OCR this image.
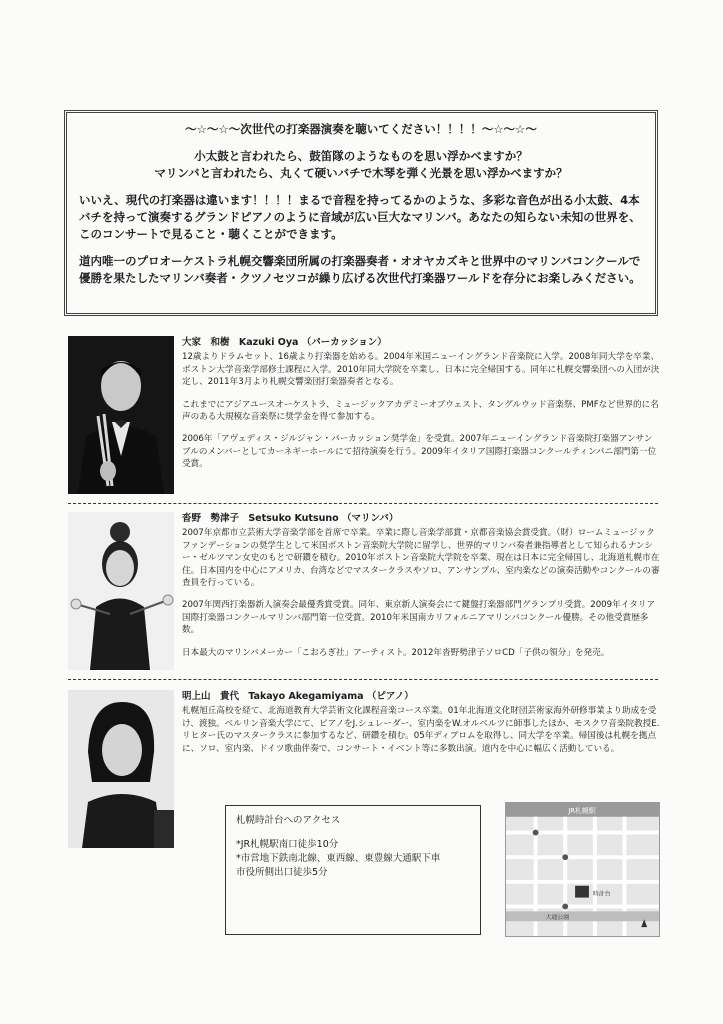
～☆～☆～次世代の打楽器演奏を聴いてください！！！！～☆～☆～

小太鼓と言われたら、鼓笛隊のようなものを思い浮かべますか？

マリンバと言われたら、丸くて硬いバチで木琴を弾く光景を思い浮かべますか？

いいえ、現代の打楽器は違います！！！！まるで音程を持ってるかのような、多彩な音色が出る小太鼓、4本バチを持って演奏するグランドピアノのように音域が広い巨大なマリンバ。あなたの知らない未知の世界を、このコンサートで見ること・聴くことができます。

道内唯一のプロオーケストラ札幌交響楽団所属の打楽器奏者・オオヤカズキと世界中のマリンバコンクールで優勝を果たしたマリンバ奏者・クツノセツコが繰り広げる次世代打楽器ワールドを存分にお楽しみください。

大家　和樹 Kazuki Oya （パーカッション）

12歳よりドラムセット、16歳より打楽器を始める。2004年米国ニューイングランド音楽院に入学。2008年同大学を卒業、ボストン大学音楽学部修士課程に入学。2010年同大学院を卒業し、日本に完全帰国する。同年に札幌交響楽団への入団が決定し、2011年3月より札幌交響楽団打楽器奏者となる。

これまでにアジアユースオーケストラ、ミュージックアカデミーオブウェスト、タングルウッド音楽祭、PMFなど世界的に名声のある大規模な音楽祭に奨学金を得て参加する。

2006年「アヴェディス・ジルジャン・パーカッション奨学金」を受賞。2007年ニューイングランド音楽院打楽器アンサンブルのメンバーとしてカーネギーホールにて招待演奏を行う。2009年イタリア国際打楽器コンクールティンパニ部門第一位受賞。

沓野　勢津子 Setsuko Kutsuno （マリンバ）

2007年京都市立芸術大学音楽学部を首席で卒業。卒業に際し音楽学部賞・京都音楽協会賞受賞。（財）ロームミュージックファンデーションの奨学生として米国ボストン音楽院大学院に留学し、世界的マリンバ奏者兼指導者として知られるナンシー・ゼルツマン女史のもとで研鑽を積む。2010年ボストン音楽院大学院を卒業、現在は日本に完全帰国し、北海道札幌市在住。日本国内を中心にアメリカ、台湾などでマスタークラスやソロ、アンサンブル、室内楽などの演奏活動やコンクールの審査員を行っている。

2007年関西打楽器新人演奏会最優秀賞受賞。同年、東京新人演奏会にて鍵盤打楽器部門グランプリ受賞。2009年イタリア国際打楽器コンクールマリンバ部門第一位受賞。2010年米国南カリフォルニアマリンバコンクール優勝。その他受賞歴多数。

日本最大のマリンバメーカー「こおろぎ社」アーティスト。2012年沓野勢津子ソロCD「子供の領分」を発売。

明上山　貴代 Takayo Akegamiyama （ピアノ）

札幌旭丘高校を経て、北海道教育大学芸術文化課程音楽コース卒業。01年北海道文化財団芸術家海外研修事業より助成を受け、渡独。ベルリン音楽大学にて、ピアノをJ.シュレーダー、室内楽をW.オルベルツに師事したほか、モスクワ音楽院教授E.リヒター氏のマスタークラスに参加するなど、研鑽を積む。05年ディプロムを取得し、同大学を卒業。帰国後は札幌を拠点に、ソロ、室内楽、ドイツ歌曲伴奏で、コンサート・イベント等に多数出演。道内を中心に幅広く活動している。

札幌時計台へのアクセス

*JR札幌駅南口徒歩10分

*市営地下鉄南北線、東西線、東豊線大通駅下車

市役所側出口徒歩5分

JR札幌駅
大通公園
時計台
